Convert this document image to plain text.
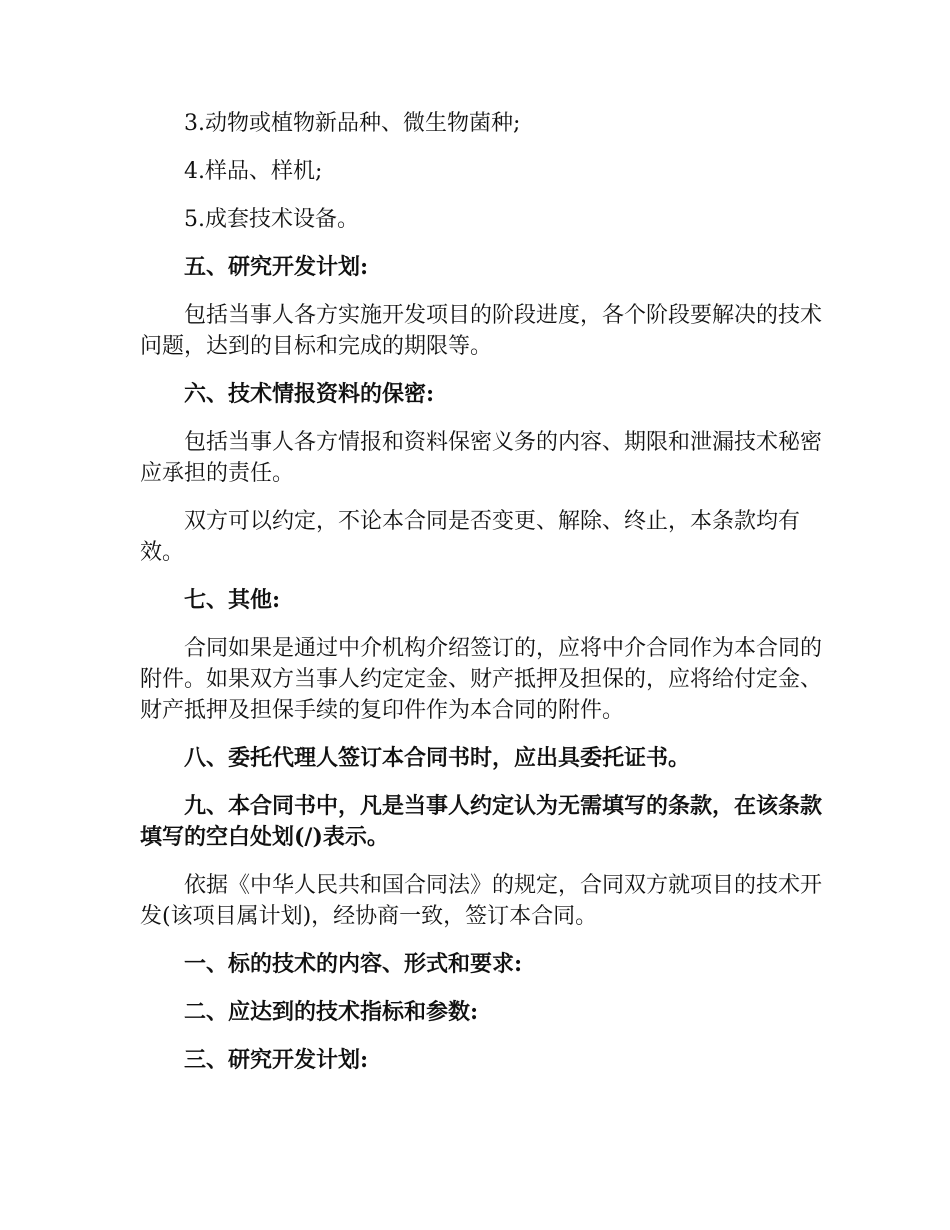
3.动物或植物新品种、微生物菌种;

4.样品、样机;

5.成套技术设备。

五、研究开发计划:

包括当事人各方实施开发项目的阶段进度，各个阶段要解决的技术问题，达到的目标和完成的期限等。

六、技术情报资料的保密:

包括当事人各方情报和资料保密义务的内容、期限和泄漏技术秘密应承担的责任。

双方可以约定，不论本合同是否变更、解除、终止，本条款均有效。

七、其他:

合同如果是通过中介机构介绍签订的，应将中介合同作为本合同的附件。如果双方当事人约定定金、财产抵押及担保的，应将给付定金、财产抵押及担保手续的复印件作为本合同的附件。

八、委托代理人签订本合同书时，应出具委托证书。

九、本合同书中，凡是当事人约定认为无需填写的条款，在该条款填写的空白处划(/)表示。

依据《中华人民共和国合同法》的规定，合同双方就项目的技术开发(该项目属计划)，经协商一致，签订本合同。

一、标的技术的内容、形式和要求:

二、应达到的技术指标和参数:

三、研究开发计划:
